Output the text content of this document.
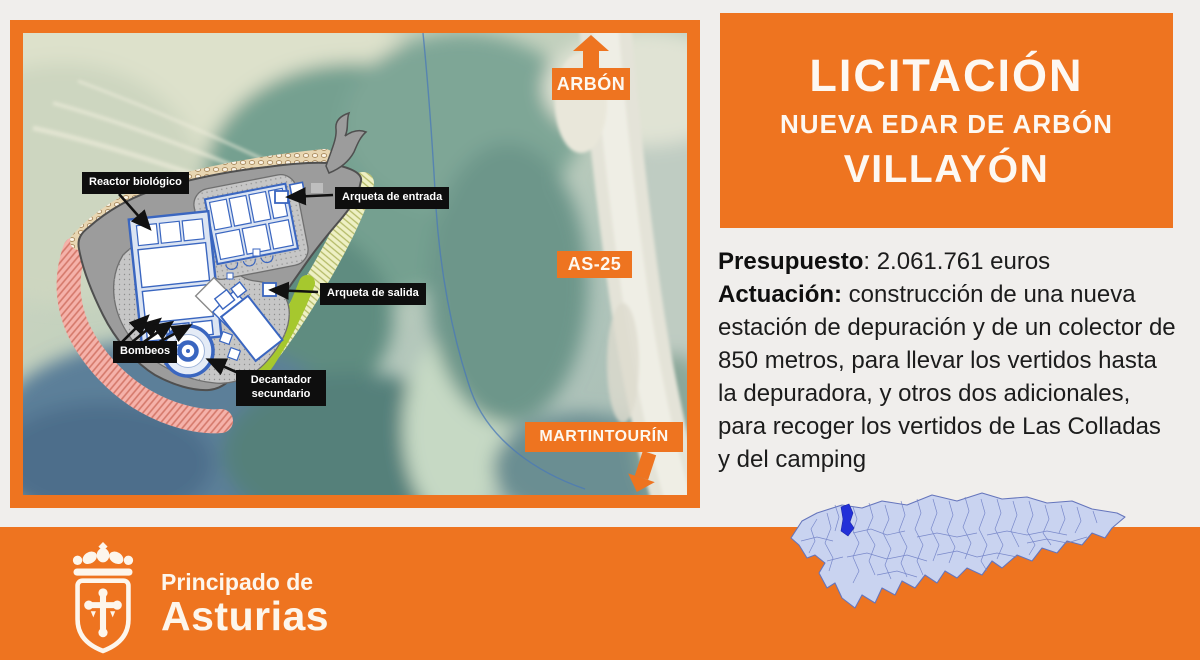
Reactor biológico
Arqueta de entrada
Arqueta de salida
Bombeos
Decantador
secundario
ARBÓN
AS-25
MARTINTOURÍN
LICITACIÓN
NUEVA EDAR DE ARBÓN
VILLAYÓN
Presupuesto: 2.061.761 euros
Actuación: construcción de una nueva estación de depuración y de un colector de 850 metros, para llevar los vertidos hasta la depuradora, y otros dos adicionales, para recoger los vertidos de Las Colladas y del camping
Principado de
Asturias
